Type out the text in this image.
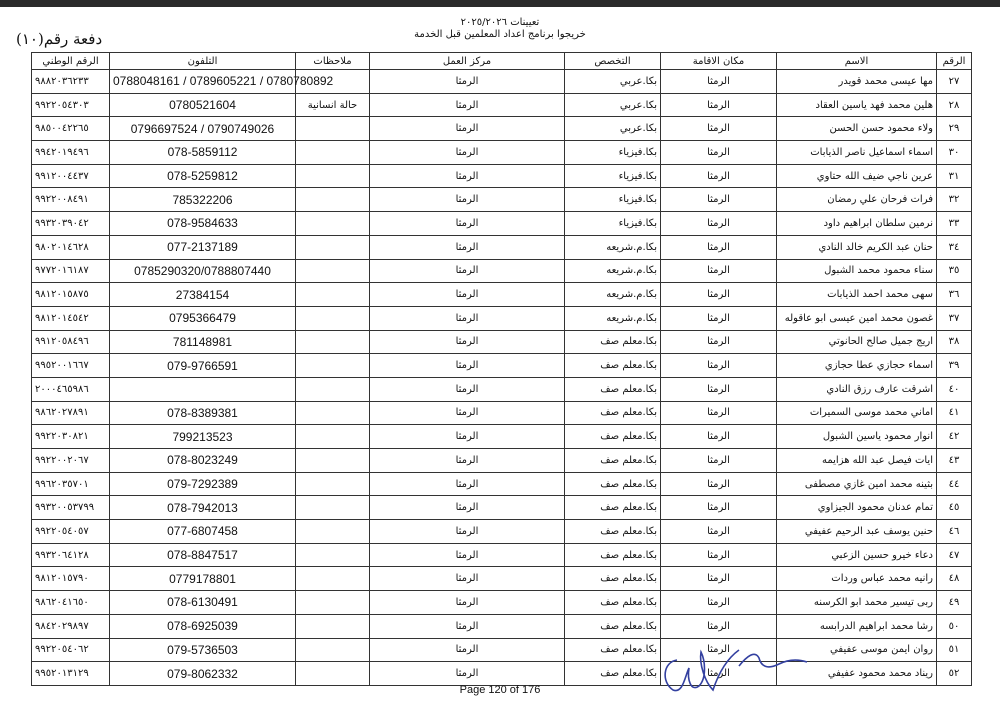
تعيينات ٢٠٢٥/٢٠٢٦
خريجوا برنامج اعداد المعلمين قبل الخدمة
دفعة رقم(١٠)
الرقم	الاسم	مكان الاقامة	التخصص	مركز العمل	ملاحظات	التلفون	الرقم الوطني
٢٧	مها عيسى محمد قويدر	الرمثا	بكا.عربي	الرمثا		0788048161 / 0789605221 / 0780780892	٩٨٨٢٠٣٦٢٣٣
٢٨	هلين محمد فهد ياسين العقاد	الرمثا	بكا.عربي	الرمثا	حالة انسانية	0780521604	٩٩٢٢٠٥٤٣٠٣
٢٩	ولاء محمود حسن الحسن	الرمثا	بكا.عربي	الرمثا		0796697524 / 0790749026	٩٨٥٠٠٤٢٢٦٥
٣٠	اسماء اسماعيل ناصر الذيابات	الرمثا	بكا.فيزياء	الرمثا		078-5859112	٩٩٤٢٠١٩٤٩٦
٣١	عرين ناجي ضيف الله حتاوي	الرمثا	بكا.فيزياء	الرمثا		078-5259812	٩٩١٢٠٠٤٤٣٧
٣٢	فرات فرحان علي رمضان	الرمثا	بكا.فيزياء	الرمثا		785322206	٩٩٢٢٠٠٨٤٩١
٣٣	نرمين سلطان ابراهيم داود	الرمثا	بكا.فيزياء	الرمثا		078-9584633	٩٩٣٢٠٣٩٠٤٢
٣٤	حنان عبد الكريم خالد النادي	الرمثا	بكا.م.شريعه	الرمثا		077-2137189	٩٨٠٢٠١٤٦٢٨
٣٥	سناء محمود محمد الشبول	الرمثا	بكا.م.شريعه	الرمثا		0785290320/0788807440	٩٧٧٢٠١٦١٨٧
٣٦	سهى محمد احمد الذيابات	الرمثا	بكا.م.شريعه	الرمثا		27384154	٩٨١٢٠١٥٨٧٥
٣٧	غصون محمد امين عيسى ابو عاقوله	الرمثا	بكا.م.شريعه	الرمثا		0795366479	٩٨١٢٠١٤٥٤٢
٣٨	اريج جميل صالح الحانوتي	الرمثا	بكا.معلم صف	الرمثا		781148981	٩٩١٢٠٥٨٤٩٦
٣٩	اسماء حجازي عطا حجازي	الرمثا	بكا.معلم صف	الرمثا		079-9766591	٩٩٥٢٠٠١٦٦٧
٤٠	اشرقت عارف رزق النادي	الرمثا	بكا.معلم صف	الرمثا			٢٠٠٠٤٦٥٩٨٦
٤١	اماني محمد موسى السميرات	الرمثا	بكا.معلم صف	الرمثا		078-8389381	٩٨٦٢٠٢٧٨٩١
٤٢	انوار محمود ياسين الشبول	الرمثا	بكا.معلم صف	الرمثا		799213523	٩٩٢٢٠٣٠٨٢١
٤٣	ايات فيصل عبد الله هزايمه	الرمثا	بكا.معلم صف	الرمثا		078-8023249	٩٩٢٢٠٠٢٠٦٧
٤٤	بثينه محمد امين غازي مصطفى	الرمثا	بكا.معلم صف	الرمثا		079-7292389	٩٩٦٢٠٣٥٧٠١
٤٥	تمام عدنان محمود الجيزاوي	الرمثا	بكا.معلم صف	الرمثا		078-7942013	٩٩٣٢٠٠٥٣٧٩٩
٤٦	حنين يوسف عبد الرحيم عفيفي	الرمثا	بكا.معلم صف	الرمثا		077-6807458	٩٩٢٢٠٥٤٠٥٧
٤٧	دعاء خيرو حسين الزعبي	الرمثا	بكا.معلم صف	الرمثا		078-8847517	٩٩٣٢٠٦٤١٢٨
٤٨	رانيه محمد عباس وردات	الرمثا	بكا.معلم صف	الرمثا		0779178801	٩٨١٢٠١٥٧٩٠
٤٩	ربى تيسير محمد ابو الكرسنه	الرمثا	بكا.معلم صف	الرمثا		078-6130491	٩٨٦٢٠٤١٦٥٠
٥٠	رشا محمد ابراهيم الدرابسه	الرمثا	بكا.معلم صف	الرمثا		078-6925039	٩٨٤٢٠٢٩٨٩٧
٥١	روان ايمن موسى عفيفي	الرمثا	بكا.معلم صف	الرمثا		079-5736503	٩٩٢٢٠٥٤٠٦٢
٥٢	ريناد محمد محمود عفيفي	الرمثا	بكا.معلم صف	الرمثا		079-8062332	٩٩٥٢٠١٣١٢٩
Page 120 of 176
